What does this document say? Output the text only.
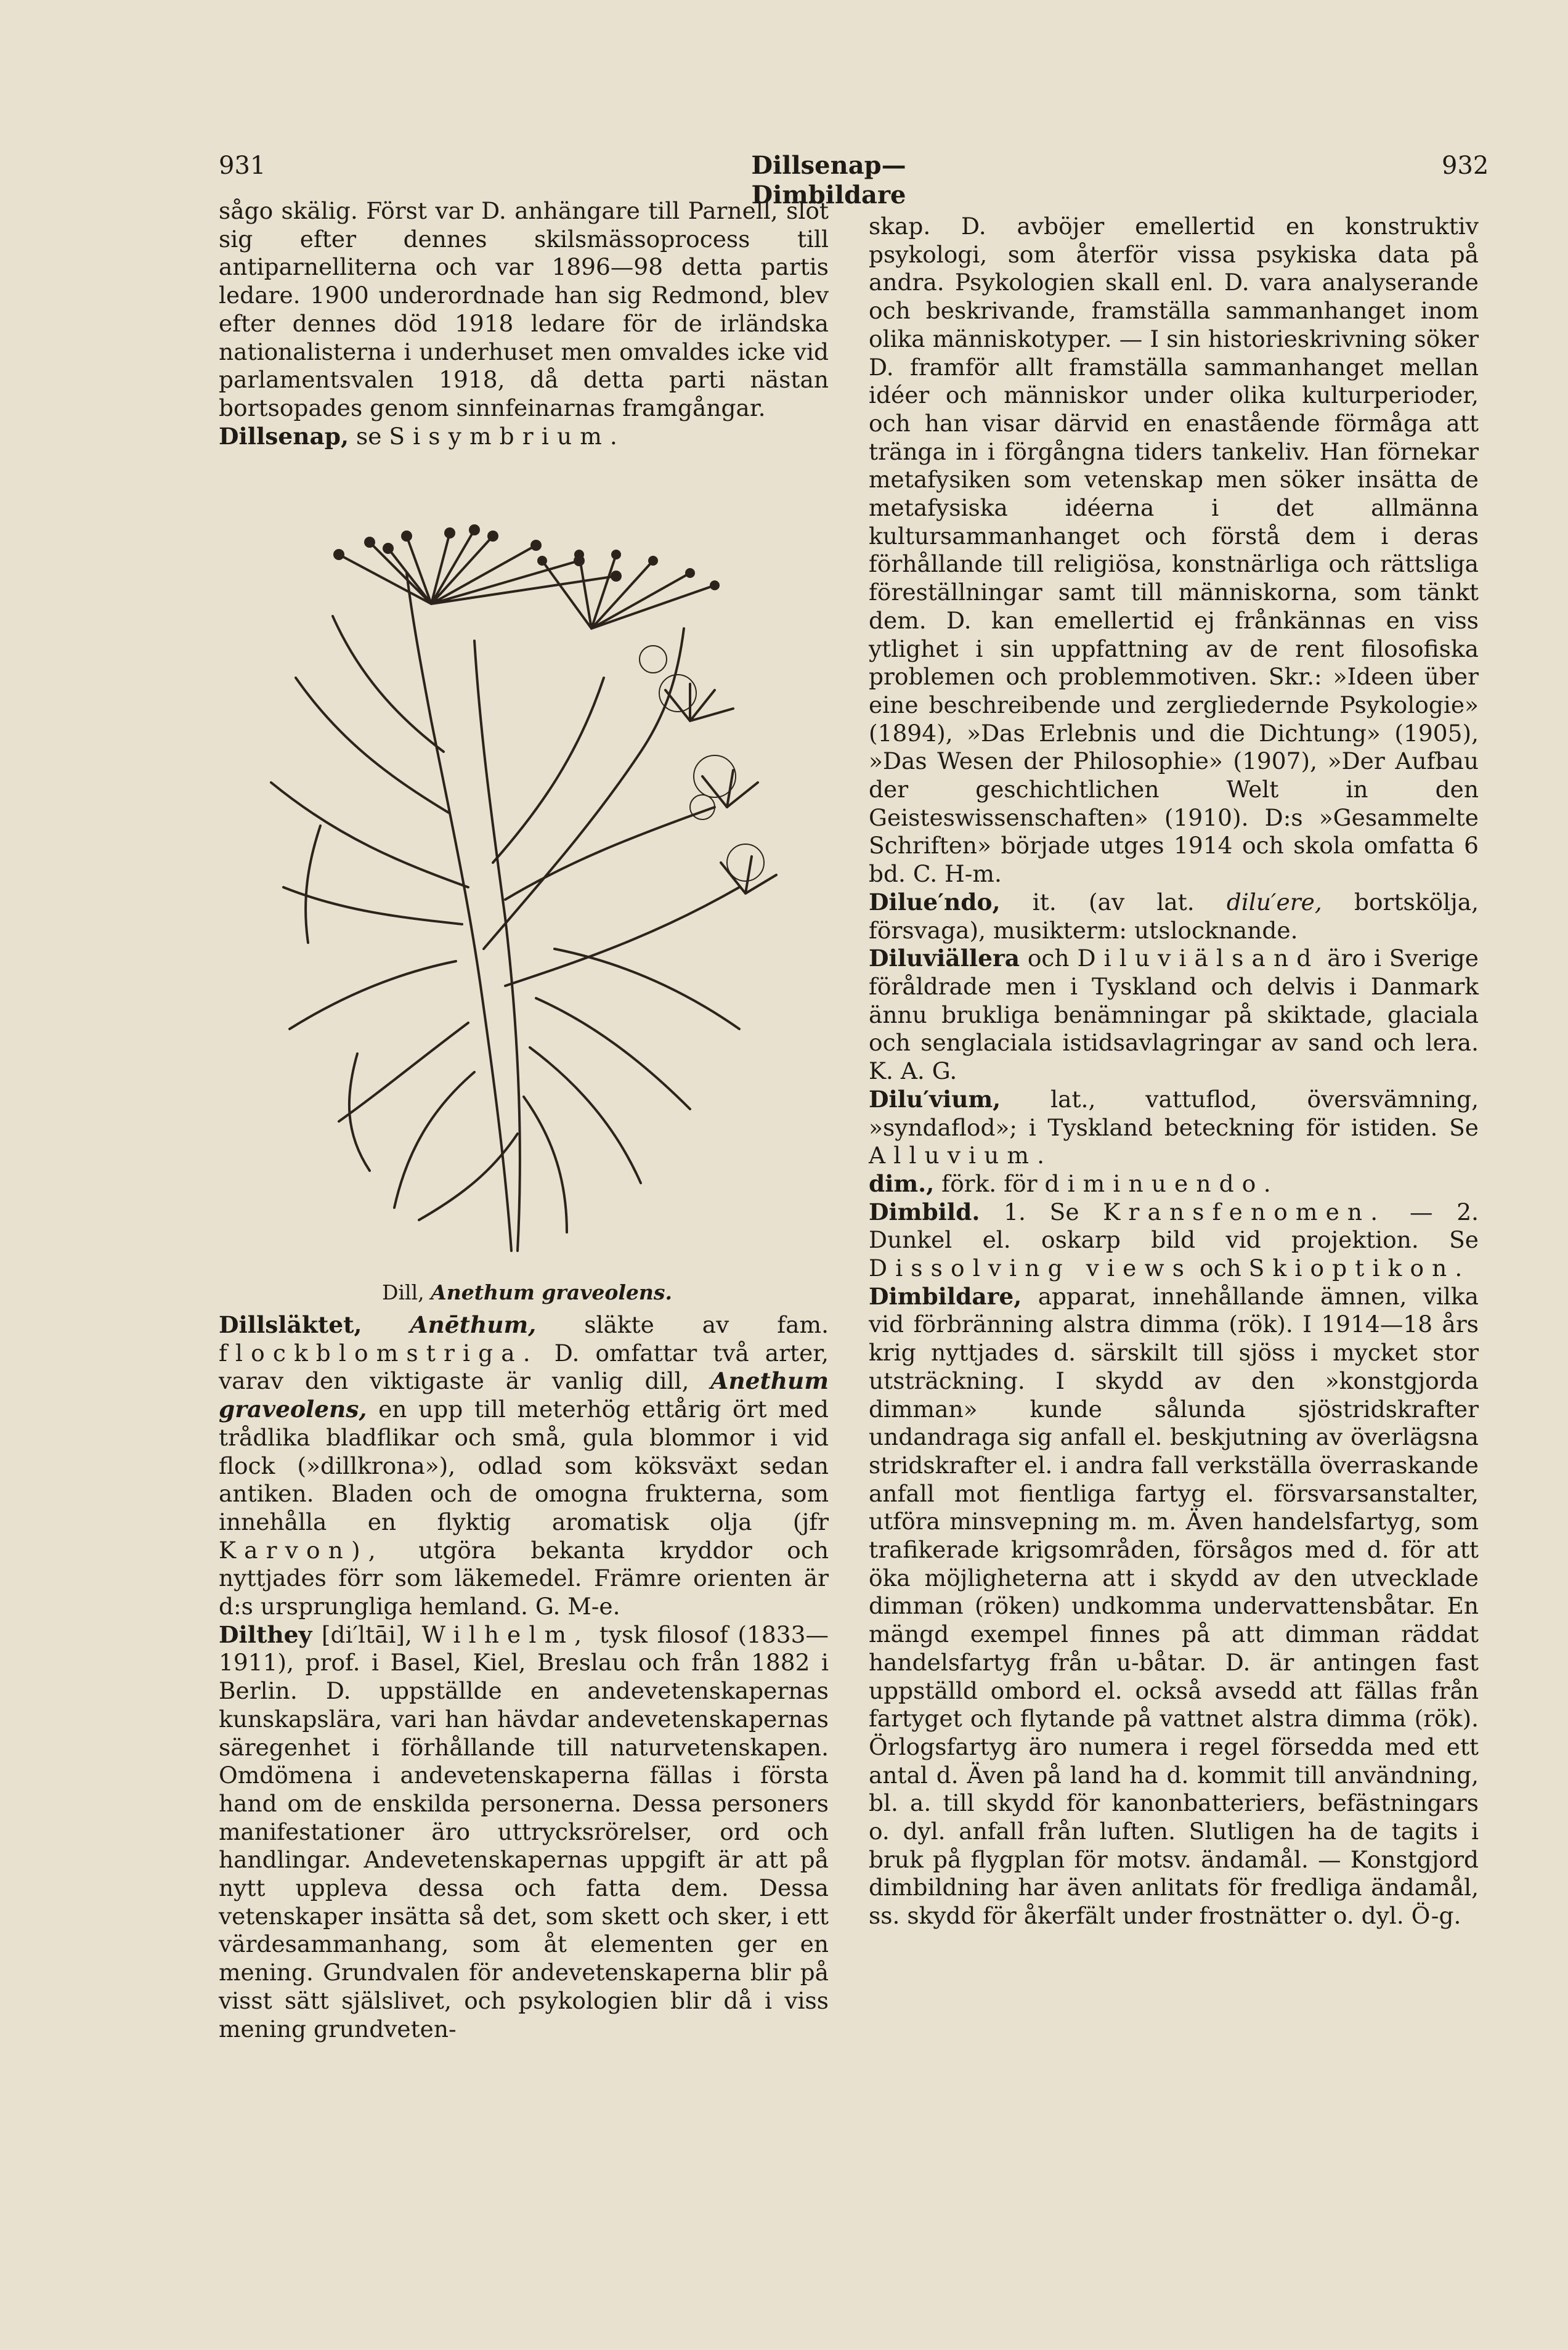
931	Dillsenap—Dimbildare
932

sågo skälig. Först var D. anhängare till Parnell, slöt sig efter dennes skilsmässoprocess till antiparnelliterna och var 1896—98 detta partis ledare. 1900 underordnade han sig Redmond, blev efter dennes död 1918 ledare för de irländska nationalisterna i underhuset men omvaldes icke vid parlamentsvalen 1918, då detta parti nästan bortsopades genom sinnfeinarnas framgångar.

Dillsenap, se Sisymbrium.

Dill, Anethum graveolens.

Dillsläktet, Anēthum, släkte av fam. flockblomstriga. D. omfattar två arter, varav den viktigaste är vanlig dill, Anethum graveolens, en upp till meterhög ettårig ört med trådlika bladflikar och små, gula blommor i vid flock (»dillkrona»), odlad som köksväxt sedan antiken. Bladen och de omogna frukterna, som innehålla en flyktig aromatisk olja (jfr Karvon), utgöra bekanta kryddor och nyttjades förr som läkemedel. Främre orienten är d:s ursprungliga hemland. G. M-e.

Dilthey [di′ltāi], Wilhelm, tysk filosof (1833—1911), prof. i Basel, Kiel, Breslau och från 1882 i Berlin. D. uppställde en andevetenskapernas kunskapslära, vari han hävdar andevetenskapernas säregenhet i förhållande till naturvetenskapen. Omdömena i andevetenskaperna fällas i första hand om de enskilda personerna. Dessa personers manifestationer äro uttrycksrörelser, ord och handlingar. Andevetenskapernas uppgift är att på nytt uppleva dessa och fatta dem. Dessa vetenskaper insätta så det, som skett och sker, i ett värdesammanhang, som åt elementen ger en mening. Grundvalen för andevetenskaperna blir på visst sätt själslivet, och psykologien blir då i viss mening grundveten-

skap. D. avböjer emellertid en konstruktiv psykologi, som återför vissa psykiska data på andra. Psykologien skall enl. D. vara analyserande och beskrivande, framställa sammanhanget inom olika människotyper. — I sin historieskrivning söker D. framför allt framställa sammanhanget mellan idéer och människor under olika kulturperioder, och han visar därvid en enastående förmåga att tränga in i förgångna tiders tankeliv. Han förnekar metafysiken som vetenskap men söker insätta de metafysiska idéerna i det allmänna kultursammanhanget och förstå dem i deras förhållande till religiösa, konstnärliga och rättsliga föreställningar samt till människorna, som tänkt dem. D. kan emellertid ej frånkännas en viss ytlighet i sin uppfattning av de rent filosofiska problemen och problemmotiven. Skr.: »Ideen über eine beschreibende und zergliedernde Psykologie» (1894), »Das Erlebnis und die Dichtung» (1905), »Das Wesen der Philosophie» (1907), »Der Aufbau der geschichtlichen Welt in den Geisteswissenschaften» (1910). D:s »Gesammelte Schriften» började utges 1914 och skola omfatta 6 bd. C. H-m.

Dilue′ndo, it. (av lat. dilu′ere, bortskölja, försvaga), musikterm: utslocknande.

Diluviällera och Diluviälsand äro i Sverige föråldrade men i Tyskland och delvis i Danmark ännu brukliga benämningar på skiktade, glaciala och senglaciala istidsavlagringar av sand och lera. K. A. G.

Dilu′vium, lat., vattuflod, översvämning, »syndaflod»; i Tyskland beteckning för istiden. Se Alluvium.

dim., förk. för diminuendo.

Dimbild. 1. Se Kransfenomen. — 2. Dunkel el. oskarp bild vid projektion. Se Dissolving views och Skioptikon.

Dimbildare, apparat, innehållande ämnen, vilka vid förbränning alstra dimma (rök). I 1914—18 års krig nyttjades d. särskilt till sjöss i mycket stor utsträckning. I skydd av den »konstgjorda dimman» kunde sålunda sjöstridskrafter undandraga sig anfall el. beskjutning av överlägsna stridskrafter el. i andra fall verkställa överraskande anfall mot fientliga fartyg el. försvarsanstalter, utföra minsvepning m. m. Även handelsfartyg, som trafikerade krigsområden, försågos med d. för att öka möjligheterna att i skydd av den utvecklade dimman (röken) undkomma undervattensbåtar. En mängd exempel finnes på att dimman räddat handelsfartyg från u-båtar. D. är antingen fast uppställd ombord el. också avsedd att fällas från fartyget och flytande på vattnet alstra dimma (rök). Örlogsfartyg äro numera i regel försedda med ett antal d. Även på land ha d. kommit till användning, bl. a. till skydd för kanonbatteriers, befästningars o. dyl. anfall från luften. Slutligen ha de tagits i bruk på flygplan för motsv. ändamål. — Konstgjord dimbildning har även anlitats för fredliga ändamål, ss. skydd för åkerfält under frostnätter o. dyl. Ö-g.
